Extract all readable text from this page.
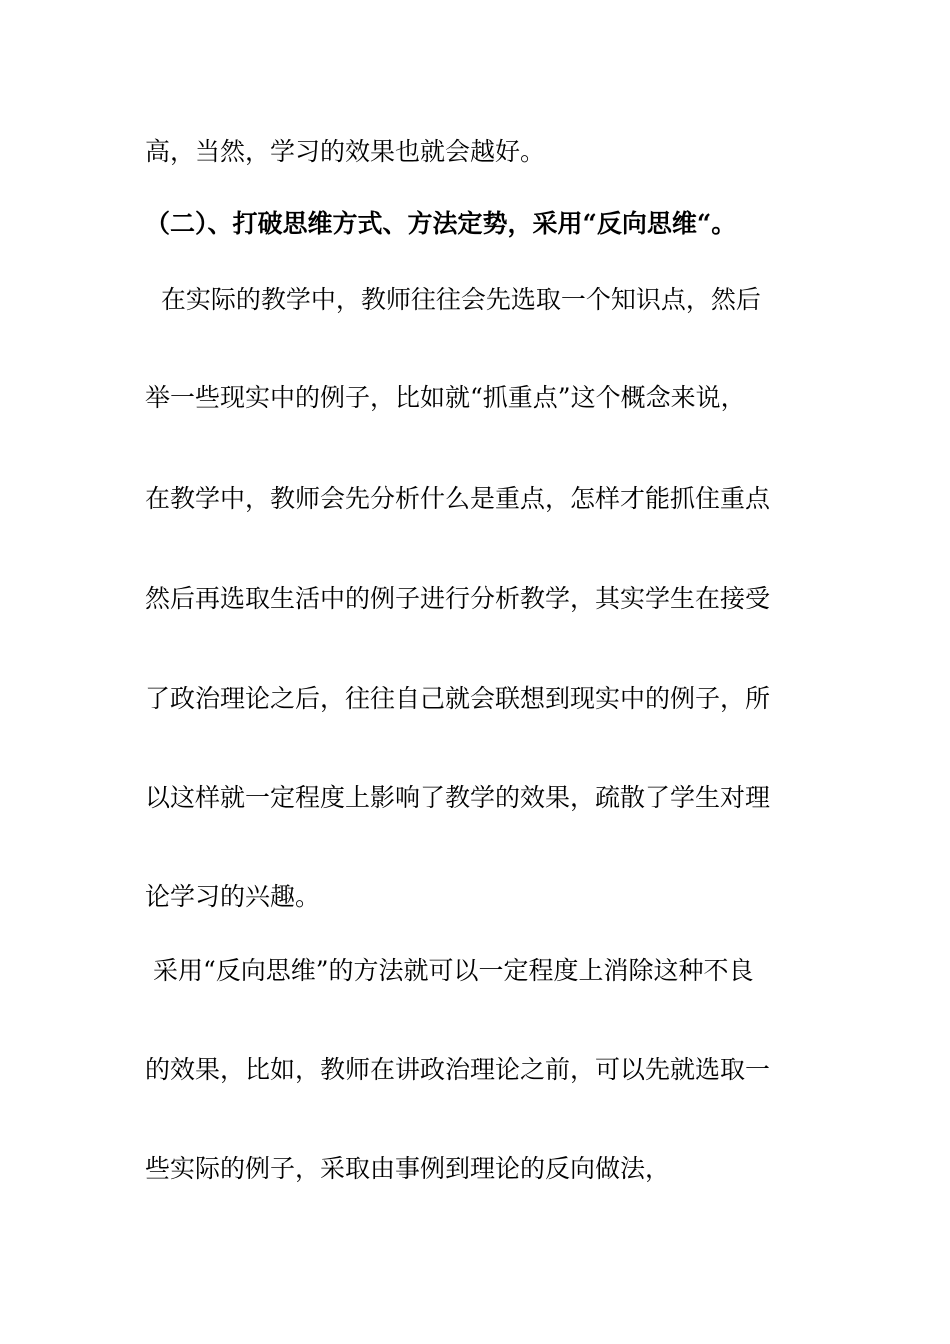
高，当然，学习的效果也就会越好。
（二）、打破思维方式、方法定势，采用“反向思维“。
在实际的教学中，教师往往会先选取一个知识点，然后
举一些现实中的例子，比如就“抓重点”这个概念来说，
在教学中，教师会先分析什么是重点，怎样才能抓住重点
然后再选取生活中的例子进行分析教学，其实学生在接受
了政治理论之后，往往自己就会联想到现实中的例子，所
以这样就一定程度上影响了教学的效果，疏散了学生对理
论学习的兴趣。
采用“反向思维”的方法就可以一定程度上消除这种不良
的效果，比如，教师在讲政治理论之前，可以先就选取一
些实际的例子，采取由事例到理论的反向做法，
